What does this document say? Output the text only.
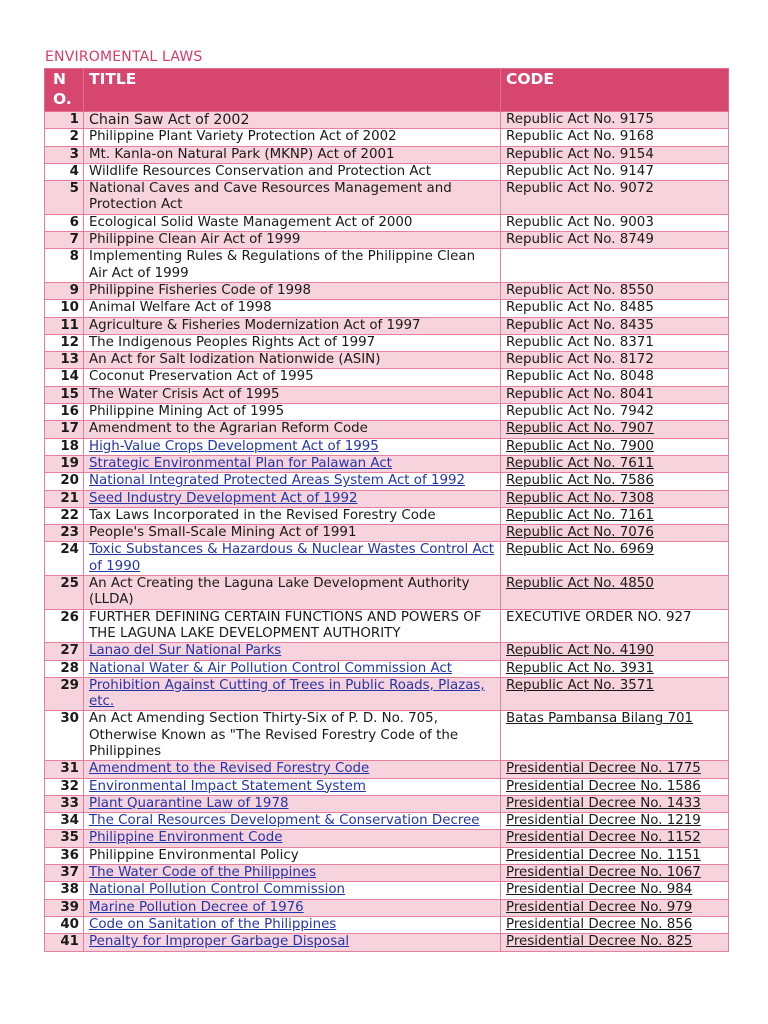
ENVIROMENTAL LAWS
N O.	TITLE	CODE
1	Chain Saw Act of 2002	Republic Act No. 9175
2	Philippine Plant Variety Protection Act of 2002	Republic Act No. 9168
3	Mt. Kanla-on Natural Park (MKNP) Act of 2001	Republic Act No. 9154
4	Wildlife Resources Conservation and Protection Act	Republic Act No. 9147
5	National Caves and Cave Resources Management and Protection Act	Republic Act No. 9072
6	Ecological Solid Waste Management Act of 2000	Republic Act No. 9003
7	Philippine Clean Air Act of 1999	Republic Act No. 8749
8	Implementing Rules & Regulations of the Philippine Clean Air Act of 1999	
9	Philippine Fisheries Code of 1998	Republic Act No. 8550
10	Animal Welfare Act of 1998	Republic Act No. 8485
11	Agriculture & Fisheries Modernization Act of 1997	Republic Act No. 8435
12	The Indigenous Peoples Rights Act of 1997	Republic Act No. 8371
13	An Act for Salt Iodization Nationwide (ASIN)	Republic Act No. 8172
14	Coconut Preservation Act of 1995	Republic Act No. 8048
15	The Water Crisis Act of 1995	Republic Act No. 8041
16	Philippine Mining Act of 1995	Republic Act No. 7942
17	Amendment to the Agrarian Reform Code	Republic Act No. 7907
18	High-Value Crops Development Act of 1995	Republic Act No. 7900
19	Strategic Environmental Plan for Palawan Act	Republic Act No. 7611
20	National Integrated Protected Areas System Act of 1992	Republic Act No. 7586
21	Seed Industry Development Act of 1992	Republic Act No. 7308
22	Tax Laws Incorporated in the Revised Forestry Code	Republic Act No. 7161
23	People's Small-Scale Mining Act of 1991	Republic Act No. 7076
24	Toxic Substances & Hazardous & Nuclear Wastes Control Act of 1990	Republic Act No. 6969
25	An Act Creating the Laguna Lake Development Authority (LLDA)	Republic Act No. 4850
26	FURTHER DEFINING CERTAIN FUNCTIONS AND POWERS OF THE LAGUNA LAKE DEVELOPMENT AUTHORITY	EXECUTIVE ORDER NO. 927
27	Lanao del Sur National Parks	Republic Act No. 4190
28	National Water & Air Pollution Control Commission Act	Republic Act No. 3931
29	Prohibition Against Cutting of Trees in Public Roads, Plazas, etc.	Republic Act No. 3571
30	An Act Amending Section Thirty-Six of P. D. No. 705, Otherwise Known as "The Revised Forestry Code of the Philippines	Batas Pambansa Bilang 701
31	Amendment to the Revised Forestry Code	Presidential Decree No. 1775
32	Environmental Impact Statement System	Presidential Decree No. 1586
33	Plant Quarantine Law of 1978	Presidential Decree No. 1433
34	The Coral Resources Development & Conservation Decree	Presidential Decree No. 1219
35	Philippine Environment Code	Presidential Decree No. 1152
36	Philippine Environmental Policy	Presidential Decree No. 1151
37	The Water Code of the Philippines	Presidential Decree No. 1067
38	National Pollution Control Commission	Presidential Decree No. 984
39	Marine Pollution Decree of 1976	Presidential Decree No. 979
40	Code on Sanitation of the Philippines	Presidential Decree No. 856
41	Penalty for Improper Garbage Disposal	Presidential Decree No. 825
